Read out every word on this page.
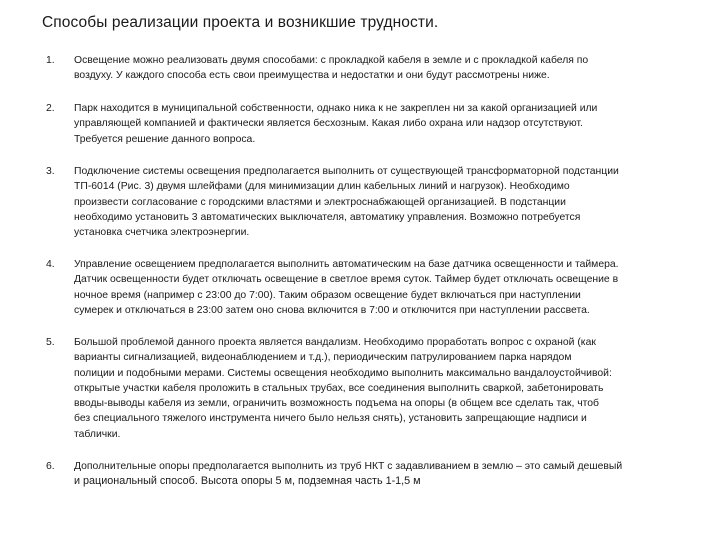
Способы реализации проекта и возникшие трудности.
1.	Освещение можно реализовать двумя способами: с прокладкой кабеля в земле и с прокладкой кабеля по
воздуху. У каждого способа есть свои преимущества и недостатки и они будут рассмотрены ниже.
2.	Парк находится в муниципальной собственности, однако ника к не закреплен ни за какой организацией или
управляющей компанией и фактически является бесхозным. Какая либо охрана или надзор отсутствуют.
Требуется решение данного вопроса.
3.	Подключение системы освещения предполагается выполнить от существующей трансформаторной подстанции
ТП-6014 (Рис. 3) двумя шлейфами (для минимизации длин кабельных линий и нагрузок). Необходимо
произвести согласование с городскими властями и электроснабжающей организацией. В подстанции
необходимо установить 3 автоматических выключателя, автоматику управления. Возможно потребуется
установка счетчика электроэнергии.
4.	Управление освещением предполагается выполнить автоматическим на базе датчика освещенности и таймера.
Датчик освещенности будет отключать освещение в светлое время суток. Таймер будет отключать освещение в
ночное время (например с 23:00 до 7:00). Таким образом освещение будет включаться при наступлении
сумерек и отключаться в 23:00 затем оно снова включится в 7:00 и отключится при наступлении рассвета.
5.	Большой проблемой данного проекта является вандализм. Необходимо проработать вопрос с охраной (как
варианты сигнализацией, видеонаблюдением и т.д.), периодическим патрулированием парка нарядом
полиции и подобными мерами. Системы освещения необходимо выполнить максимально вандалоустойчивой:
открытые участки кабеля проложить в стальных трубах, все соединения выполнить сваркой, забетонировать
вводы-выводы кабеля из земли, ограничить возможность подъема на опоры (в общем все сделать так, чтоб
без специального тяжелого инструмента ничего было нельзя снять), установить запрещающие надписи и
таблички.
6.	Дополнительные опоры предполагается выполнить из труб НКТ с задавливанием в землю – это самый дешевый
и рациональный способ. Высота опоры 5 м, подземная часть 1-1,5 м
